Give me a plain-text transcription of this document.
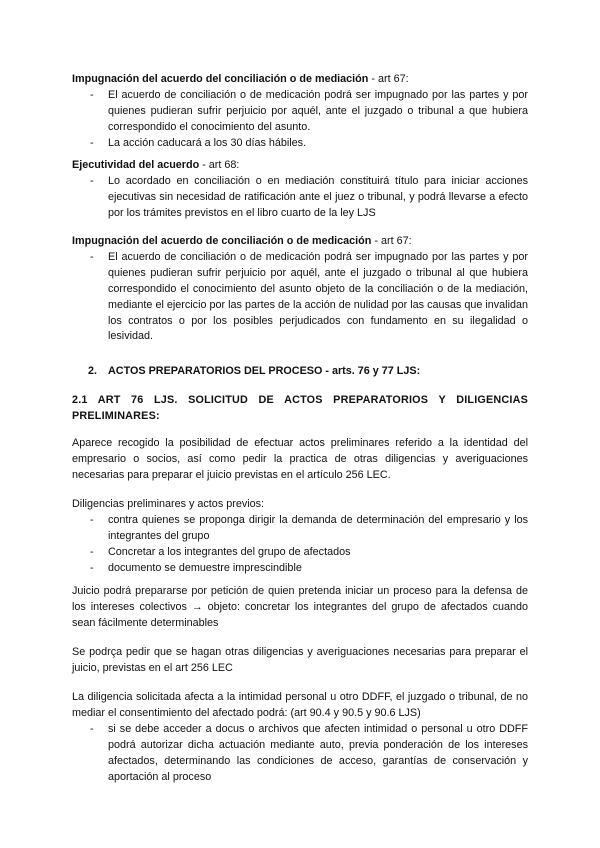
Impugnación del acuerdo del conciliación o de mediación - art 67:
- El acuerdo de conciliación o de medicación podrá ser impugnado por las partes y por quienes pudieran sufrir perjuicio por aquél, ante el juzgado o tribunal a que hubiera correspondido el conocimiento del asunto.
- La acción caducará a los 30 días hábiles.
Ejecutividad del acuerdo - art 68:
- Lo acordado en conciliación o en mediación constituirá título para iniciar acciones ejecutivas sin necesidad de ratificación ante el juez o tribunal, y podrá llevarse a efecto por los trámites previstos en el libro cuarto de la ley LJS
Impugnación del acuerdo de conciliación o de medicación - art 67:
- El acuerdo de conciliación o de medicación podrá ser impugnado por las partes y por quienes pudieran sufrir perjuicio por aquél, ante el juzgado o tribunal al que hubiera correspondido el conocimiento del asunto objeto de la conciliación o de la mediación, mediante el ejercicio por las partes de la acción de nulidad por las causas que invalidan los contratos o por los posibles perjudicados con fundamento en su ilegalidad o lesividad.
2. ACTOS PREPARATORIOS DEL PROCESO - arts. 76 y 77 LJS:
2.1 ART 76 LJS. SOLICITUD DE ACTOS PREPARATORIOS Y DILIGENCIAS PRELIMINARES:
Aparece recogido la posibilidad de efectuar actos preliminares referido a la identidad del empresario o socios, así como pedir la practica de otras diligencias y averiguaciones necesarias para preparar el juicio previstas en el artículo 256 LEC.
Diligencias preliminares y actos previos:
- contra quienes se proponga dirigir la demanda de determinación del empresario y los integrantes del grupo
- Concretar a los integrantes del grupo de afectados
- documento se demuestre imprescindible
Juicio podrá prepararse por petición de quien pretenda iniciar un proceso para la defensa de los intereses colectivos → objeto: concretar los integrantes del grupo de afectados cuando sean fácilmente determinables
Se podrça pedir que se hagan otras diligencias y averiguaciones necesarias para preparar el juicio, previstas en el art 256 LEC
La diligencia solicitada afecta a la intimidad personal u otro DDFF, el juzgado o tribunal, de no mediar el consentimiento del afectado podrá: (art 90.4 y 90.5 y 90.6 LJS)
- si se debe acceder a docus o archivos que afecten intimidad o personal u otro DDFF podrá autorizar dicha actuación mediante auto, previa ponderación de los intereses afectados, determinando las condiciones de acceso, garantías de conservación y aportación al proceso
